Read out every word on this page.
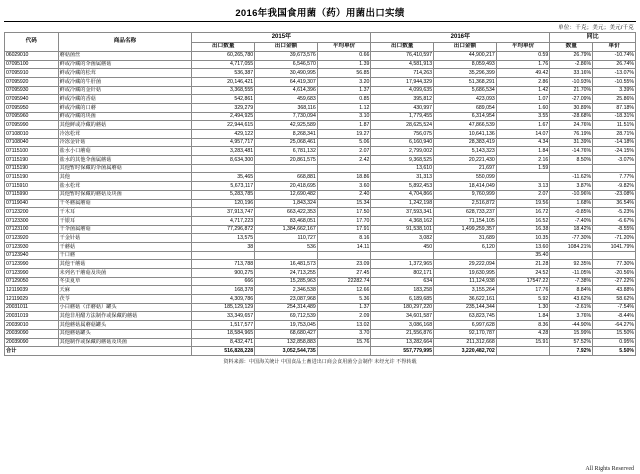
2016年我国食用菌（药）用菌出口实绩
单位：千克；美元；美元/千克
代码	商品名称	2015年			2016年			同比	
		出口数量	出口金额	平均单价	出口数量	出口金额	平均单价	数量	单价
06029010	蘑菇菌丝	60,265,780	39,673,576	0.66	76,410,597	44,900,217	0.59	26.79%	-10.74%
07095100	鲜或冷藏的伞菌属蘑菇	4,717,055	6,546,570	1.39	4,581,913	8,059,493	1.76	-2.86%	26.74%
07095910	鲜或冷藏的松茸	536,387	30,490,995	56.85	714,263	35,296,399	49.42	33.16%	-13.07%
07095920	鲜或冷藏的牛肝菌	20,146,421	64,419,307	3.20	17,944,329	51,368,291	2.86	-10.93%	-10.55%
07095930	鲜或冷藏的金针菇	3,368,555	4,614,396	1.37	4,099,635	5,686,534	1.42	21.70%	3.39%
07095940	鲜或冷藏的香菇	542,861	459,683	0.85	395,812	423,093	1.07	-27.09%	25.86%
07095950	鲜或冷藏的口蘑	329,279	368,116	1.12	430,997	689,054	1.60	30.89%	87.18%
07095960	鲜或冷藏的块菌	2,494,925	7,730,094	3.10	1,779,455	6,314,954	3.55	-28.68%	-18.31%
07095990	其他鲜或冷藏的蘑菇	22,944,615	42,925,589	1.87	28,625,524	47,866,539	1.67	24.76%	11.51%
07108010	冷冻松茸	429,122	8,268,341	19.27	756,075	10,641,136	14.07	76.19%	28.71%
07108040	冷冻金针菇	4,957,717	25,068,461	5.06	6,160,940	28,383,419	4.34	31.39%	-14.18%
07115100	盐水小口蘑菇	3,283,481	6,781,132	2.07	2,799,002	5,143,323	1.84	-14.76%	-24.15%
07115190	盐水的其他伞菌属蘑菇	8,634,300	20,861,575	2.42	9,368,525	20,221,430	2.16	8.50%	-3.07%
07115190	其他暂时保藏的伞菌属蘑菇				13,610	21,697	1.59		
07115190	其他	35,465	668,881	18.86	31,313	550,099		-11.62%	7.77%
07115910	盐水松茸	5,673,117	20,418,695	3.60	5,892,453	18,414,049	3.13	3.87%	-9.82%
07115990	其他暂时保藏的蘑菇及块菌	5,283,785	12,690,482	2.40	4,704,866	9,760,999	2.07	-10.96%	-23.08%
07119040	干冬蘑属蘑菇	120,196	1,843,324	15.34	1,242,198	2,516,872	19.56	1.68%	36.54%
07123200	干木耳	37,913,747	663,422,353	17.50	37,593,341	628,733,237	16.72	-0.85%	-5.23%
07123300	干银耳	4,717,223	83,468,051	17.70	4,368,162	71,154,105	16.52	-7.40%	-6.67%
07123100	干伞菌属蘑菇	77,296,872	1,384,662,167	17.91	91,538,101	1,499,259,357	16.38	18.42%	-8.55%
07123920	干金针菇	13,575	110,727	8.16	3,082	31,689	10.35	-77.30%	-71.20%
07123930	干蘑菇	38	536	14.11	450	6,120	13.60	1084.21%	1041.79%
07123940	干口蘑						35.40		
07123990	其他干蘑菇	713,788	16,481,573	23.09	1,372,965	29,222,094	21.28	92.35%	77.30%
07123990	未列名干蘑菇及块菌	900,275	24,713,255	27.45	802,171	19,630,995	24.52	-11.05%	-20.56%
07129050	冬虫夏草	666	15,285,963	22282.74	634	11,124,938	17547.22	-7.38%	-27.22%
12119039	天麻	168,378	2,346,538	12.66	183,258	3,155,264	17.76	8.84%	43.88%
12119029	茯苓	4,309,786	23,087,968	5.36	6,189,685	36,622,161	5.92	43.62%	58.62%
20031011	小白蘑菇（洋蘑菇）罐头	185,129,129	254,314,489	1.37	180,297,220	235,144,344	1.30	-2.61%	-7.54%
20031019	其他非用醋方法制作或保藏的蘑菇	33,349,657	69,712,539	2.09	34,601,587	63,823,745	1.84	3.76%	-8.44%
20039010	其他蘑菇属蘑菇罐头	1,517,577	19,753,045	13.02	3,086,168	6,997,628	8.36	-44.90%	-64.27%
20039090	其他蘑菇罐头	18,584,965	68,680,427	3.70	21,556,876	92,170,787	4.28	15.99%	15.50%
20039090	其他制作或保藏的蘑菇及块菌	8,432,471	132,858,883	15.76	13,282,664	211,312,668	15.91	57.52%	0.95%
合计		516,828,228	3,052,544,735		557,779,995	3,220,482,702		7.92%	5.50%
资料来源：中国海关统计 中国食品土畜进出口商会食用菌分会制作 未经允许 不得转载
All Rights Reserved
